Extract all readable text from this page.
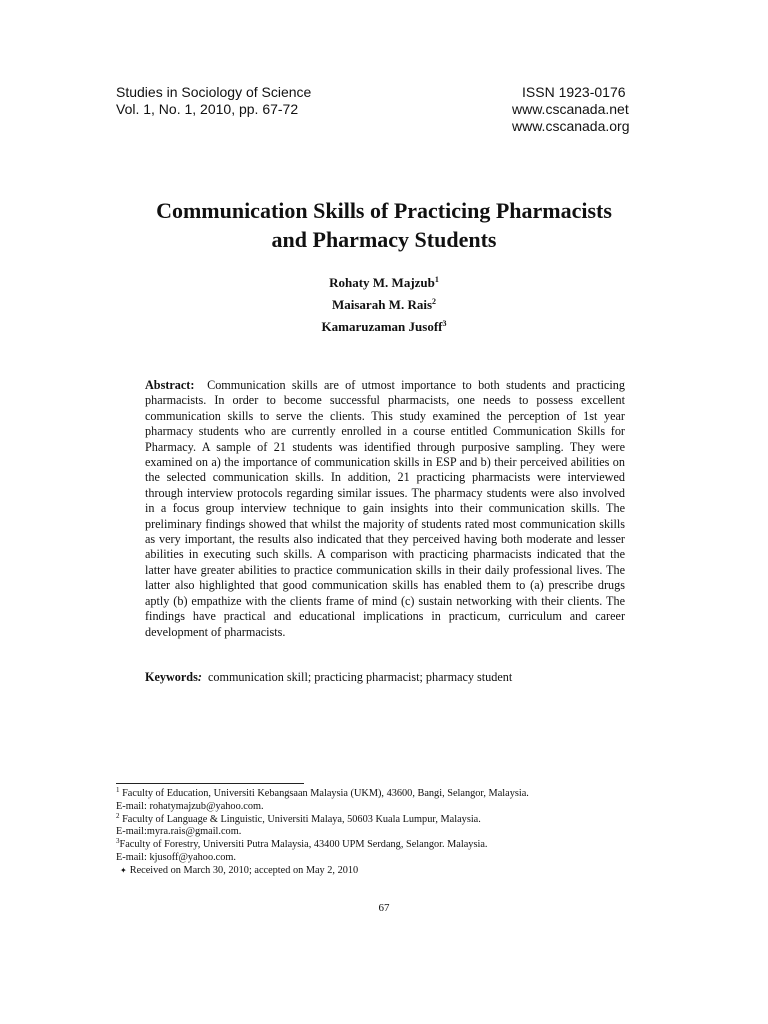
Studies in Sociology of Science
Vol. 1, No. 1, 2010, pp. 67-72
ISSN 1923-0176
www.cscanada.net
www.cscanada.org
Communication Skills of Practicing Pharmacists
and Pharmacy Students
Rohaty M. Majzub$^1$
Maisarah M. Rais$^2$
Kamaruzaman Jusoff$^3$
Abstract: Communication skills are of utmost importance to both students and practicing pharmacists. In order to become successful pharmacists, one needs to possess excellent communication skills to serve the clients. This study examined the perception of 1st year pharmacy students who are currently enrolled in a course entitled Communication Skills for Pharmacy. A sample of 21 students was identified through purposive sampling. They were examined on a) the importance of communication skills in ESP and b) their perceived abilities on the selected communication skills. In addition, 21 practicing pharmacists were interviewed through interview protocols regarding similar issues. The pharmacy students were also involved in a focus group interview technique to gain insights into their communication skills. The preliminary findings showed that whilst the majority of students rated most communication skills as very important, the results also indicated that they perceived having both moderate and lesser abilities in executing such skills. A comparison with practicing pharmacists indicated that the latter have greater abilities to practice communication skills in their daily professional lives. The latter also highlighted that good communication skills has enabled them to (a) prescribe drugs aptly (b) empathize with the clients frame of mind (c) sustain networking with their clients. The findings have practical and educational implications in practicum, curriculum and career development of pharmacists.
Keywords: communication skill; practicing pharmacist; pharmacy student
$^1$ Faculty of Education, Universiti Kebangsaan Malaysia (UKM), 43600, Bangi, Selangor, Malaysia.
E-mail: rohatymajzub@yahoo.com.
$^2$ Faculty of Language & Linguistic, Universiti Malaya, 50603 Kuala Lumpur, Malaysia.
E-mail:myra.rais@gmail.com.
$^3$Faculty of Forestry, Universiti Putra Malaysia, 43400 UPM Serdang, Selangor. Malaysia.
E-mail: kjusoff@yahoo.com.
✦ Received on March 30, 2010; accepted on May 2, 2010
67
